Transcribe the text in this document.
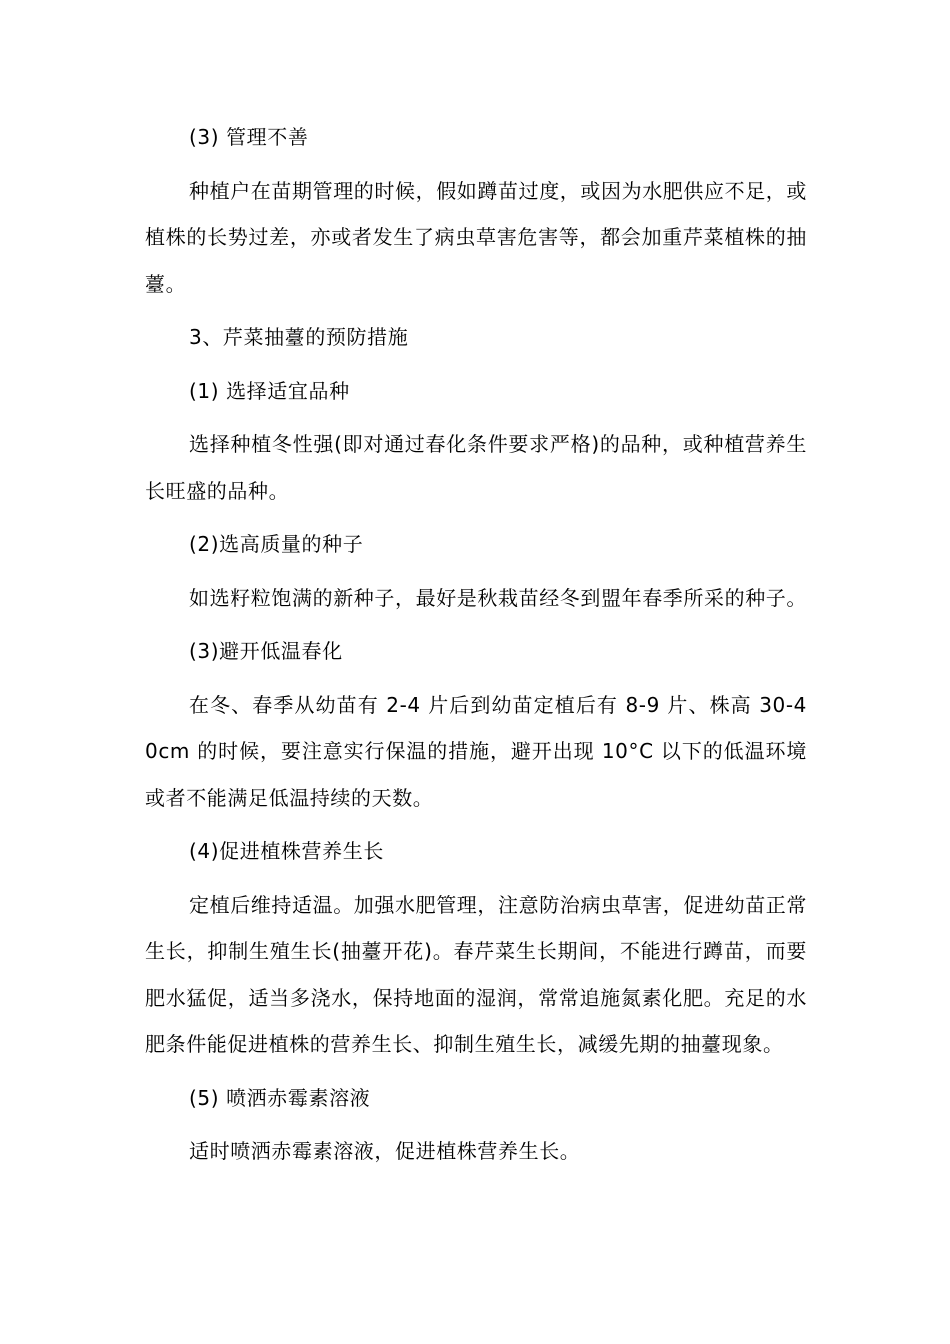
(3) 管理不善

种植户在苗期管理的时候，假如蹲苗过度，或因为水肥供应不足，或植株的长势过差，亦或者发生了病虫草害危害等，都会加重芹菜植株的抽薹。

3、芹菜抽薹的预防措施

(1) 选择适宜品种

选择种植冬性强(即对通过春化条件要求严格)的品种，或种植营养生长旺盛的品种。

(2)选高质量的种子

如选籽粒饱满的新种子，最好是秋栽苗经冬到盟年春季所采的种子。

(3)避开低温春化

在冬、春季从幼苗有 2-4 片后到幼苗定植后有 8-9 片、株高 30-40cm 的时候，要注意实行保温的措施，避开出现 10°C 以下的低温环境或者不能满足低温持续的天数。

(4)促进植株营养生长

定植后维持适温。加强水肥管理，注意防治病虫草害，促进幼苗正常生长，抑制生殖生长(抽薹开花)。春芹菜生长期间，不能进行蹲苗，而要肥水猛促，适当多浇水，保持地面的湿润，常常追施氮素化肥。充足的水肥条件能促进植株的营养生长、抑制生殖生长，减缓先期的抽薹现象。

(5) 喷洒赤霉素溶液

适时喷洒赤霉素溶液，促进植株营养生长。
